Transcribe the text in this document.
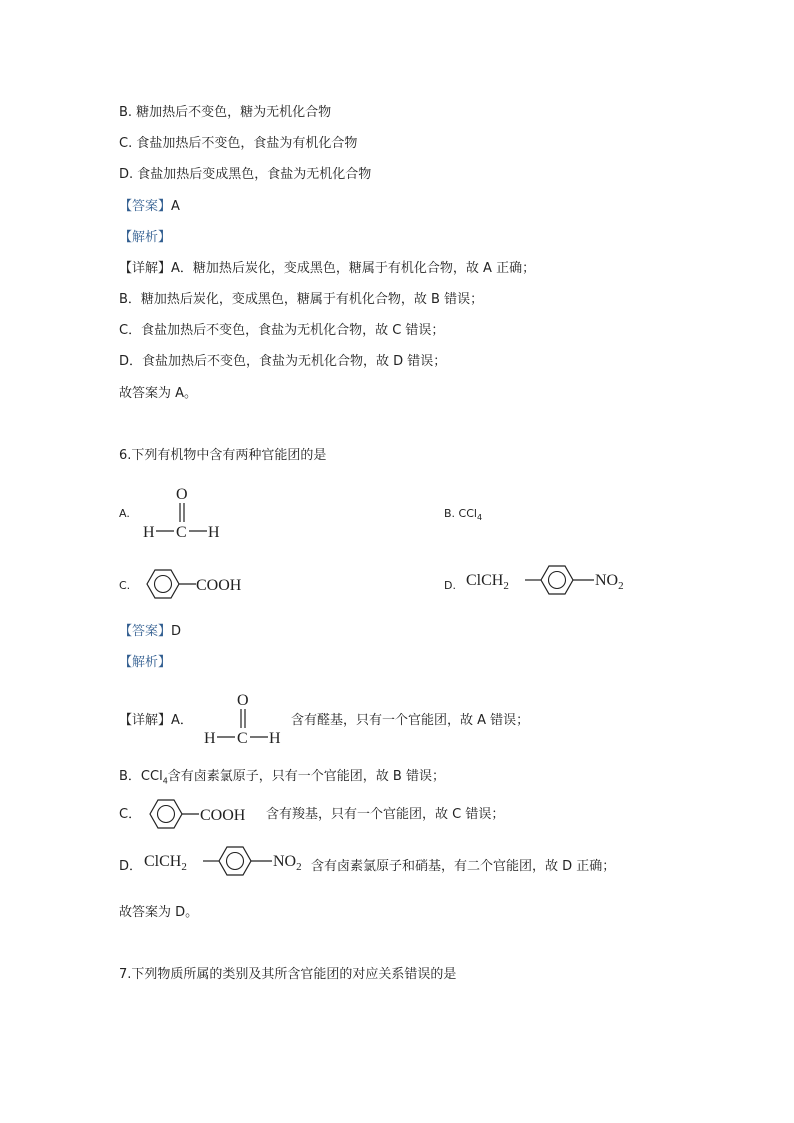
B. 糖加热后不变色，糖为无机化合物
C. 食盐加热后不变色，食盐为有机化合物
D. 食盐加热后变成黑色，食盐为无机化合物
【答案】A
【解析】
【详解】A．糖加热后炭化，变成黑色，糖属于有机化合物，故 A 正确；
B．糖加热后炭化，变成黑色，糖属于有机化合物，故 B 错误；
C．食盐加热后不变色，食盐为无机化合物，故 C 错误；
D．食盐加热后不变色，食盐为无机化合物，故 D 错误；
故答案为 A。
6.下列有机物中含有两种官能团的是
A.
O
H C H
B. CCl$_4$
C.	COOH	D. ClCH$_2$	$NO_2$
【答案】D
【解析】
【详解】A．
O
H C H
含有醛基，只有一个官能团，故 A 错误；
B．CCl$_4$含有卤素氯原子，只有一个官能团，故 B 错误；
C．	COOH 含有羧基，只有一个官能团，故 C 错误；
D． ClCH$_2$	$NO_2$ 含有卤素氯原子和硝基，有二个官能团，故 D 正确；
故答案为 D。
7.下列物质所属的类别及其所含官能团的对应关系错误的是
